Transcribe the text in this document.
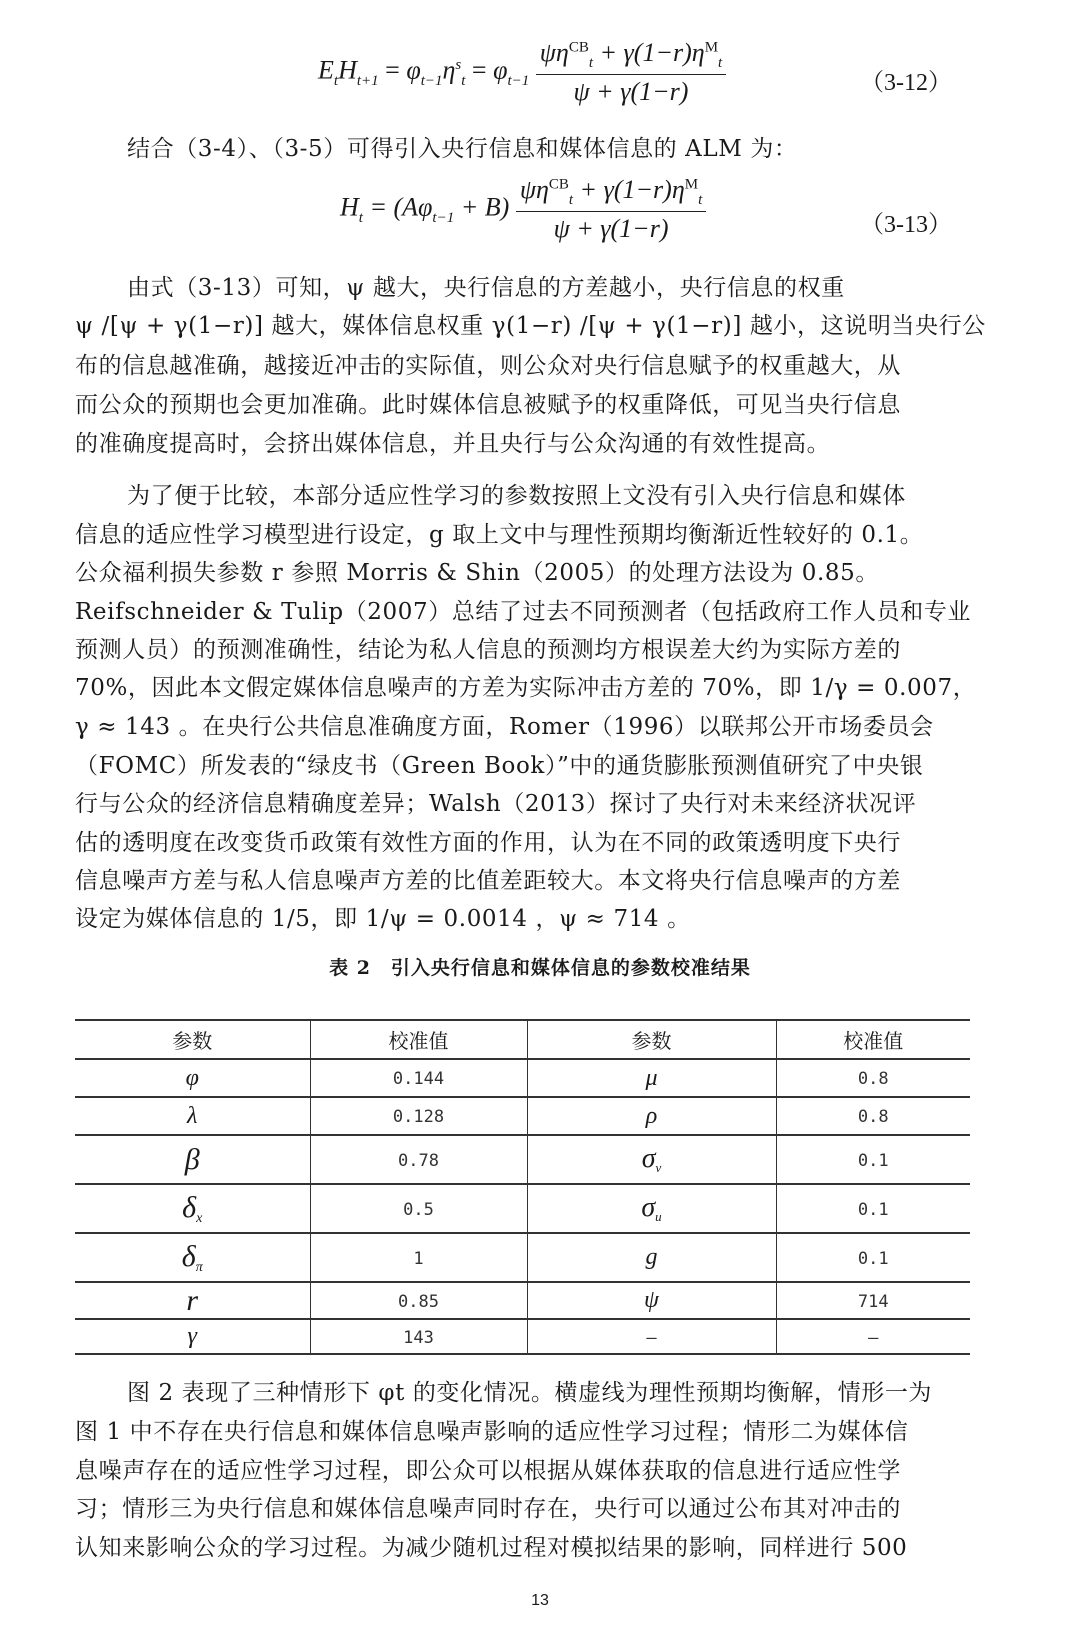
$E_tH_{t+1} = \varphi_{t-1}\eta^s_t = \varphi_{t-1} \frac{\psi\eta^{CB}_t + \gamma(1-r)\eta^M_t}{\psi + \gamma(1-r)}$	（3-12）
结合（3-4）、（3-5）可得引入央行信息和媒体信息的 ALM 为：
$H_t = (A\varphi_{t-1} + B) \frac{\psi\eta^{CB}_t + \gamma(1-r)\eta^M_t}{\psi + \gamma(1-r)}$	（3-13）
由式（3-13）可知，ψ 越大，央行信息的方差越小，央行信息的权重
ψ /[ψ + γ(1−r)] 越大，媒体信息权重 γ(1−r) /[ψ + γ(1−r)] 越小，这说明当央行公
布的信息越准确，越接近冲击的实际值，则公众对央行信息赋予的权重越大，从
而公众的预期也会更加准确。此时媒体信息被赋予的权重降低，可见当央行信息
的准确度提高时，会挤出媒体信息，并且央行与公众沟通的有效性提高。
为了便于比较，本部分适应性学习的参数按照上文没有引入央行信息和媒体
信息的适应性学习模型进行设定，g 取上文中与理性预期均衡渐近性较好的 0.1。
公众福利损失参数 r 参照 Morris & Shin（2005）的处理方法设为 0.85。
Reifschneider & Tulip（2007）总结了过去不同预测者（包括政府工作人员和专业
预测人员）的预测准确性，结论为私人信息的预测均方根误差大约为实际方差的
70%，因此本文假定媒体信息噪声的方差为实际冲击方差的 70%，即 1/γ = 0.007，
γ ≈ 143 。在央行公共信息准确度方面，Romer（1996）以联邦公开市场委员会
（FOMC）所发表的“绿皮书（Green Book）”中的通货膨胀预测值研究了中央银
行与公众的经济信息精确度差异；Walsh（2013）探讨了央行对未来经济状况评
估的透明度在改变货币政策有效性方面的作用，认为在不同的政策透明度下央行
信息噪声方差与私人信息噪声方差的比值差距较大。本文将央行信息噪声的方差
设定为媒体信息的 1/5，即 1/ψ = 0.0014 ，ψ ≈ 714 。
表 2　引入央行信息和媒体信息的参数校准结果
参数	校准值	参数	校准值
φ	0.144	μ	0.8
λ	0.128	ρ	0.8
β	0.78	$\sigma_v$	0.1
$\delta_x$	0.5	$\sigma_u$	0.1
$\delta_\pi$	1	g	0.1
r	0.85	ψ	714
γ	143	—	—
图 2 表现了三种情形下 φt 的变化情况。横虚线为理性预期均衡解，情形一为
图 1 中不存在央行信息和媒体信息噪声影响的适应性学习过程；情形二为媒体信
息噪声存在的适应性学习过程，即公众可以根据从媒体获取的信息进行适应性学
习；情形三为央行信息和媒体信息噪声同时存在，央行可以通过公布其对冲击的
认知来影响公众的学习过程。为减少随机过程对模拟结果的影响，同样进行 500
13
